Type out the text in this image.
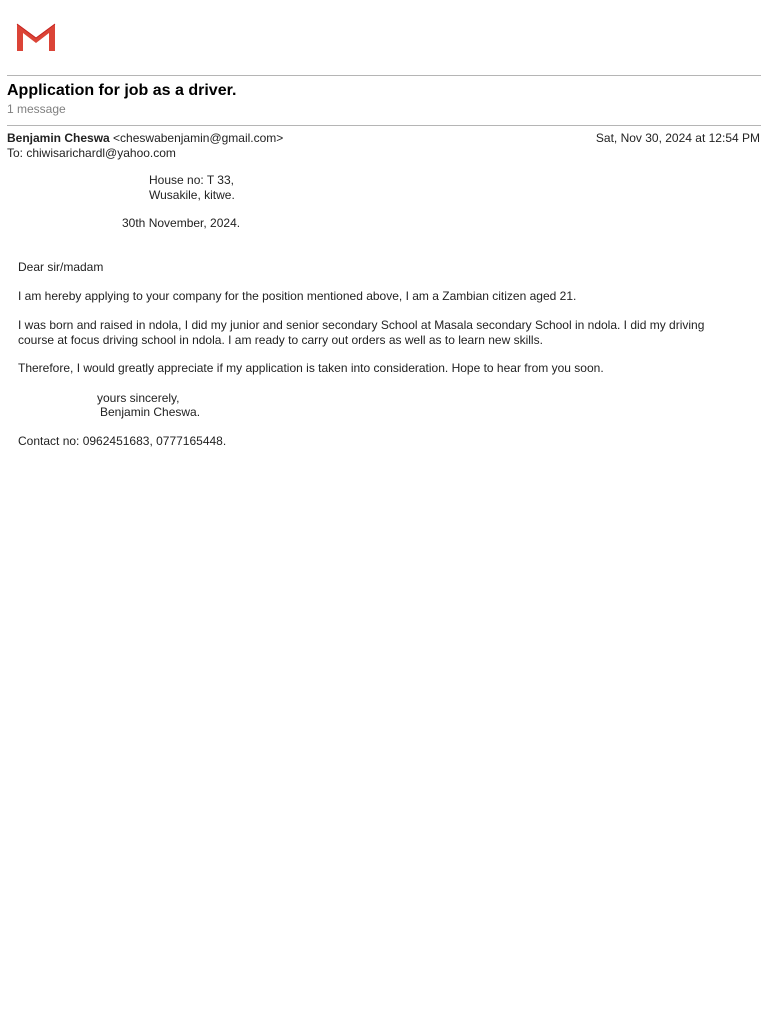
Application for job as a driver.
1 message
Benjamin Cheswa <cheswabenjamin@gmail.com>	Sat, Nov 30, 2024 at 12:54 PM
To: chiwisarichardl@yahoo.com
House no: T 33,
Wusakile, kitwe.
30th November, 2024.
Dear sir/madam
I am hereby applying to your company for the position mentioned above, I am a Zambian citizen aged 21.
I was born and raised in ndola, I did my junior and senior secondary School at Masala secondary School in ndola. I did my driving course at focus driving school in ndola. I am ready to carry out orders as well as to learn new skills.
Therefore, I would greatly appreciate if my application is taken into consideration. Hope to hear from you soon.
yours sincerely,
Benjamin Cheswa.
Contact no: 0962451683, 0777165448.
